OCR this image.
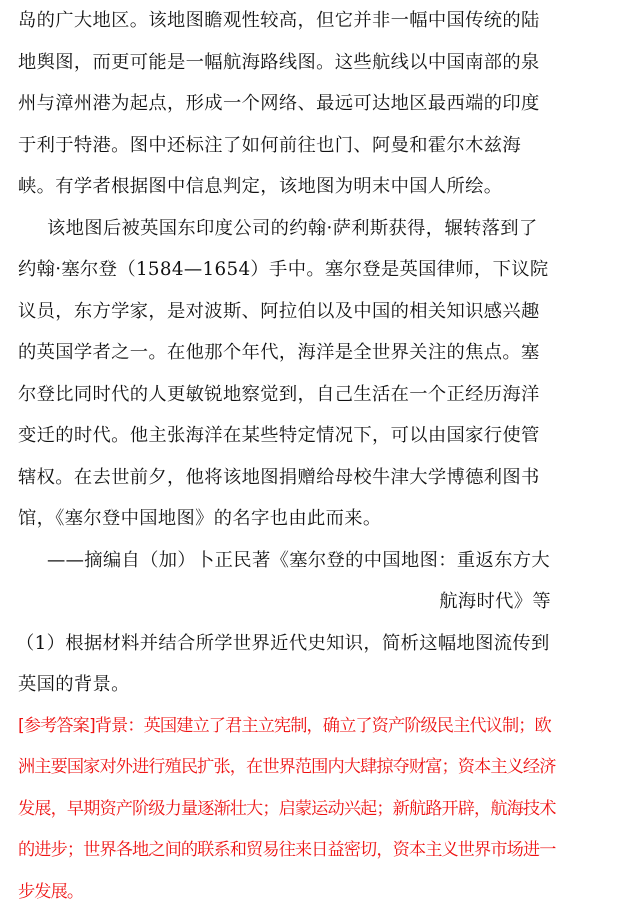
岛的广大地区。该地图瞻观性较高，但它并非一幅中国传统的陆
地舆图，而更可能是一幅航海路线图。这些航线以中国南部的泉
州与漳州港为起点，形成一个网络、最远可达地区最西端的印度
于利于特港。图中还标注了如何前往也门、阿曼和霍尔木兹海
峡。有学者根据图中信息判定，该地图为明末中国人所绘。
该地图后被英国东印度公司的约翰·萨利斯获得，辗转落到了
约翰·塞尔登（1584—1654）手中。塞尔登是英国律师，下议院
议员，东方学家，是对波斯、阿拉伯以及中国的相关知识感兴趣
的英国学者之一。在他那个年代，海洋是全世界关注的焦点。塞
尔登比同时代的人更敏锐地察觉到，自己生活在一个正经历海洋
变迁的时代。他主张海洋在某些特定情况下，可以由国家行使管
辖权。在去世前夕，他将该地图捐赠给母校牛津大学博德利图书
馆，《塞尔登中国地图》的名字也由此而来。
——摘编自（加）卜正民著《塞尔登的中国地图：重返东方大
航海时代》等
（1）根据材料并结合所学世界近代史知识，简析这幅地图流传到
英国的背景。
[参考答案]背景：英国建立了君主立宪制，确立了资产阶级民主代议制；欧
洲主要国家对外进行殖民扩张，在世界范围内大肆掠夺财富；资本主义经济
发展，早期资产阶级力量逐渐壮大；启蒙运动兴起；新航路开辟，航海技术
的进步；世界各地之间的联系和贸易往来日益密切，资本主义世界市场进一
步发展。
